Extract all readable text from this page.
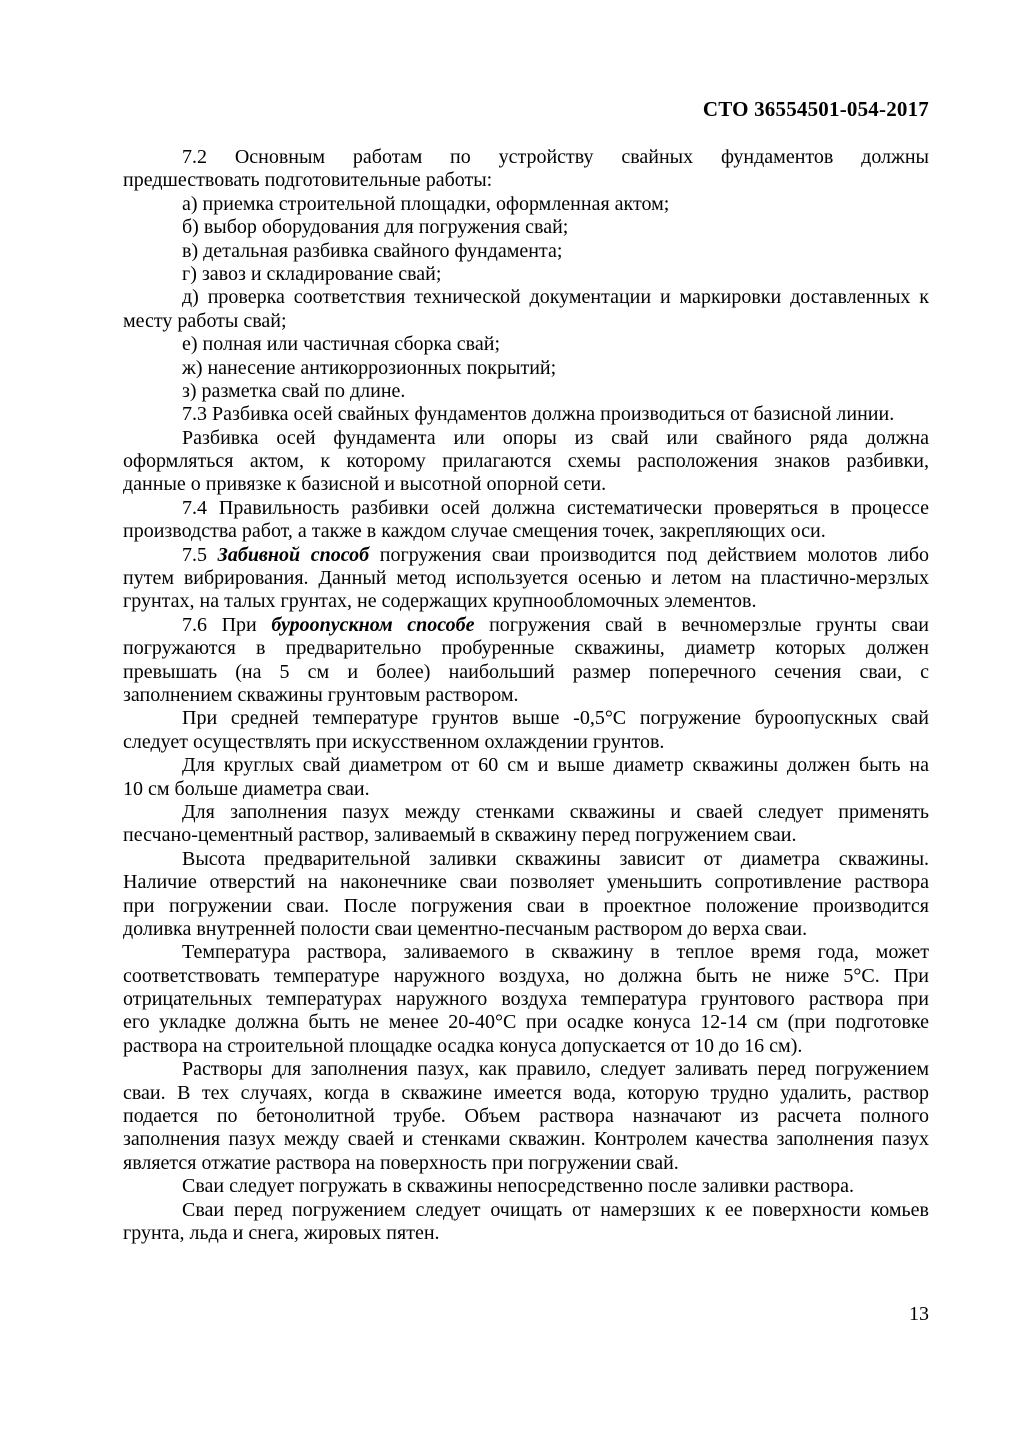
СТО 36554501-054-2017
7.2 Основным работам по устройству свайных фундаментов должны
предшествовать подготовительные работы:
а) приемка строительной площадки, оформленная актом;
б) выбор оборудования для погружения свай;
в) детальная разбивка свайного фундамента;
г) завоз и складирование свай;
д) проверка соответствия технической документации и маркировки доставленных к
месту работы свай;
е) полная или частичная сборка свай;
ж) нанесение антикоррозионных покрытий;
з) разметка свай по длине.
7.3 Разбивка осей свайных фундаментов должна производиться от базисной линии.
Разбивка осей фундамента или опоры из свай или свайного ряда должна
оформляться актом, к которому прилагаются схемы расположения знаков разбивки,
данные о привязке к базисной и высотной опорной сети.
7.4 Правильность разбивки осей должна систематически проверяться в процессе
производства работ, а также в каждом случае смещения точек, закрепляющих оси.
7.5 Забивной способ погружения сваи производится под действием молотов либо
путем вибрирования. Данный метод используется осенью и летом на пластично-мерзлых
грунтах, на талых грунтах, не содержащих крупнообломочных элементов.
7.6 При буроопускном способе погружения свай в вечномерзлые грунты сваи
погружаются в предварительно пробуренные скважины, диаметр которых должен
превышать (на 5 см и более) наибольший размер поперечного сечения сваи, с
заполнением скважины грунтовым раствором.
При средней температуре грунтов выше -0,5°С погружение буроопускных свай
следует осуществлять при искусственном охлаждении грунтов.
Для круглых свай диаметром от 60 см и выше диаметр скважины должен быть на
10 см больше диаметра сваи.
Для заполнения пазух между стенками скважины и сваей следует применять
песчано-цементный раствор, заливаемый в скважину перед погружением сваи.
Высота предварительной заливки скважины зависит от диаметра скважины.
Наличие отверстий на наконечнике сваи позволяет уменьшить сопротивление раствора
при погружении сваи. После погружения сваи в проектное положение производится
доливка внутренней полости сваи цементно-песчаным раствором до верха сваи.
Температура раствора, заливаемого в скважину в теплое время года, может
соответствовать температуре наружного воздуха, но должна быть не ниже 5°С. При
отрицательных температурах наружного воздуха температура грунтового раствора при
его укладке должна быть не менее 20-40°С при осадке конуса 12-14 см (при подготовке
раствора на строительной площадке осадка конуса допускается от 10 до 16 см).
Растворы для заполнения пазух, как правило, следует заливать перед погружением
сваи. В тех случаях, когда в скважине имеется вода, которую трудно удалить, раствор
подается по бетонолитной трубе. Объем раствора назначают из расчета полного
заполнения пазух между сваей и стенками скважин. Контролем качества заполнения пазух
является отжатие раствора на поверхность при погружении свай.
Сваи следует погружать в скважины непосредственно после заливки раствора.
Сваи перед погружением следует очищать от намерзших к ее поверхности комьев
грунта, льда и снега, жировых пятен.
13
